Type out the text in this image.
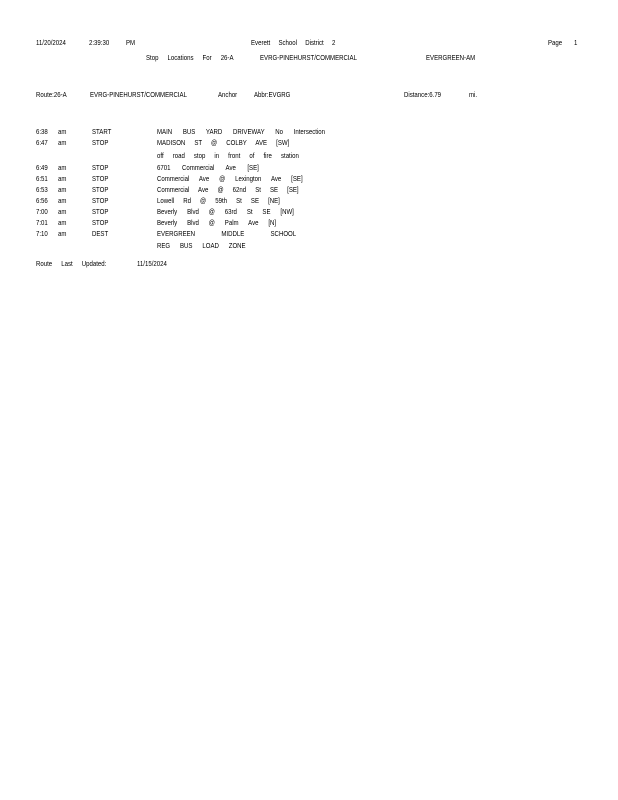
11/20/2024	2:39:30 PM	Everett School District 2	Page 1
Stop Locations For 26-A	EVRG-PINEHURST/COMMERCIAL	EVERGREEN-AM
Route:26-A	EVRG-PINEHURST/COMMERCIAL	Anchor Abbr:EVGRG	Distance:6.79	mi.
6:38 am	START	MAIN BUS YARD DRIVEWAY No Intersection
6:47 am	STOP	MADISON ST @ COLBY AVE [SW]
off road stop in front of fire station
6:49 am	STOP	6701 Commercial Ave [SE]
6:51 am	STOP	Commercial Ave @ Lexington Ave [SE]
6:53 am	STOP	Commercial Ave @ 62nd St SE [SE]
6:56 am	STOP	Lowell Rd @ 59th St SE [NE]
7:00 am	STOP	Beverly Blvd @ 63rd St SE [NW]
7:01 am	STOP	Beverly Blvd @ Palm Ave [N]
7:10 am	DEST	EVERGREEN MIDDLE SCHOOL
REG BUS LOAD ZONE
Route Last Updated:	11/15/2024
